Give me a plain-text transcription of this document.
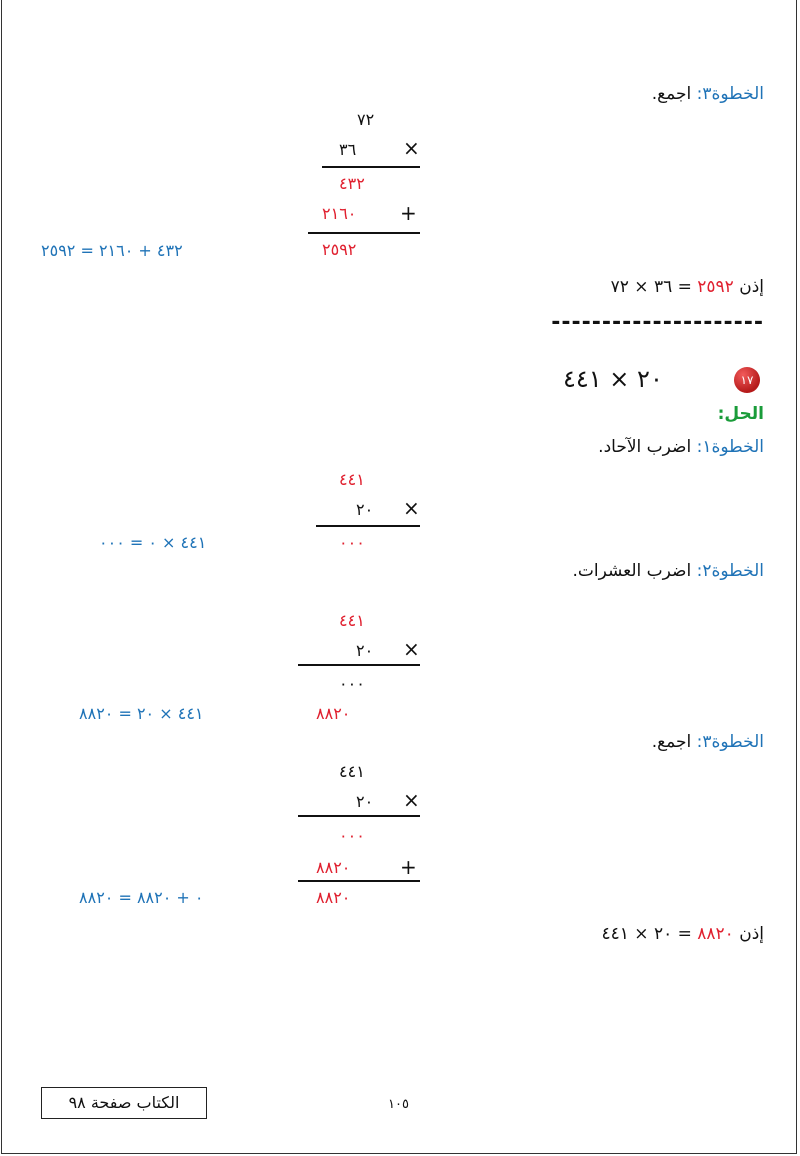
الخطوة٣: اجمع.
٧٢
٣٦ ×
٤٣٢
٢١٦٠ +
٢٥٩٢
٤٣٢ + ٢١٦٠ = ٢٥٩٢
إذن ٢٥٩٢ = ٣٦ × ٧٢
---------------------
١٧
٢٠ × ٤٤١
الحل:
الخطوة١: اضرب الآحاد.
٤٤١
٢٠ ×
٠٠٠
٤٤١ × ٠ = ٠٠٠
الخطوة٢: اضرب العشرات.
٤٤١
٢٠ ×
٠٠٠
٨٨٢٠
٤٤١ × ٢٠ = ٨٨٢٠
الخطوة٣: اجمع.
٤٤١
٢٠ ×
٠٠٠
٨٨٢٠ +
٨٨٢٠
٠ + ٨٨٢٠ = ٨٨٢٠
إذن ٨٨٢٠ = ٢٠ × ٤٤١
١٠٥
الكتاب صفحة ٩٨
